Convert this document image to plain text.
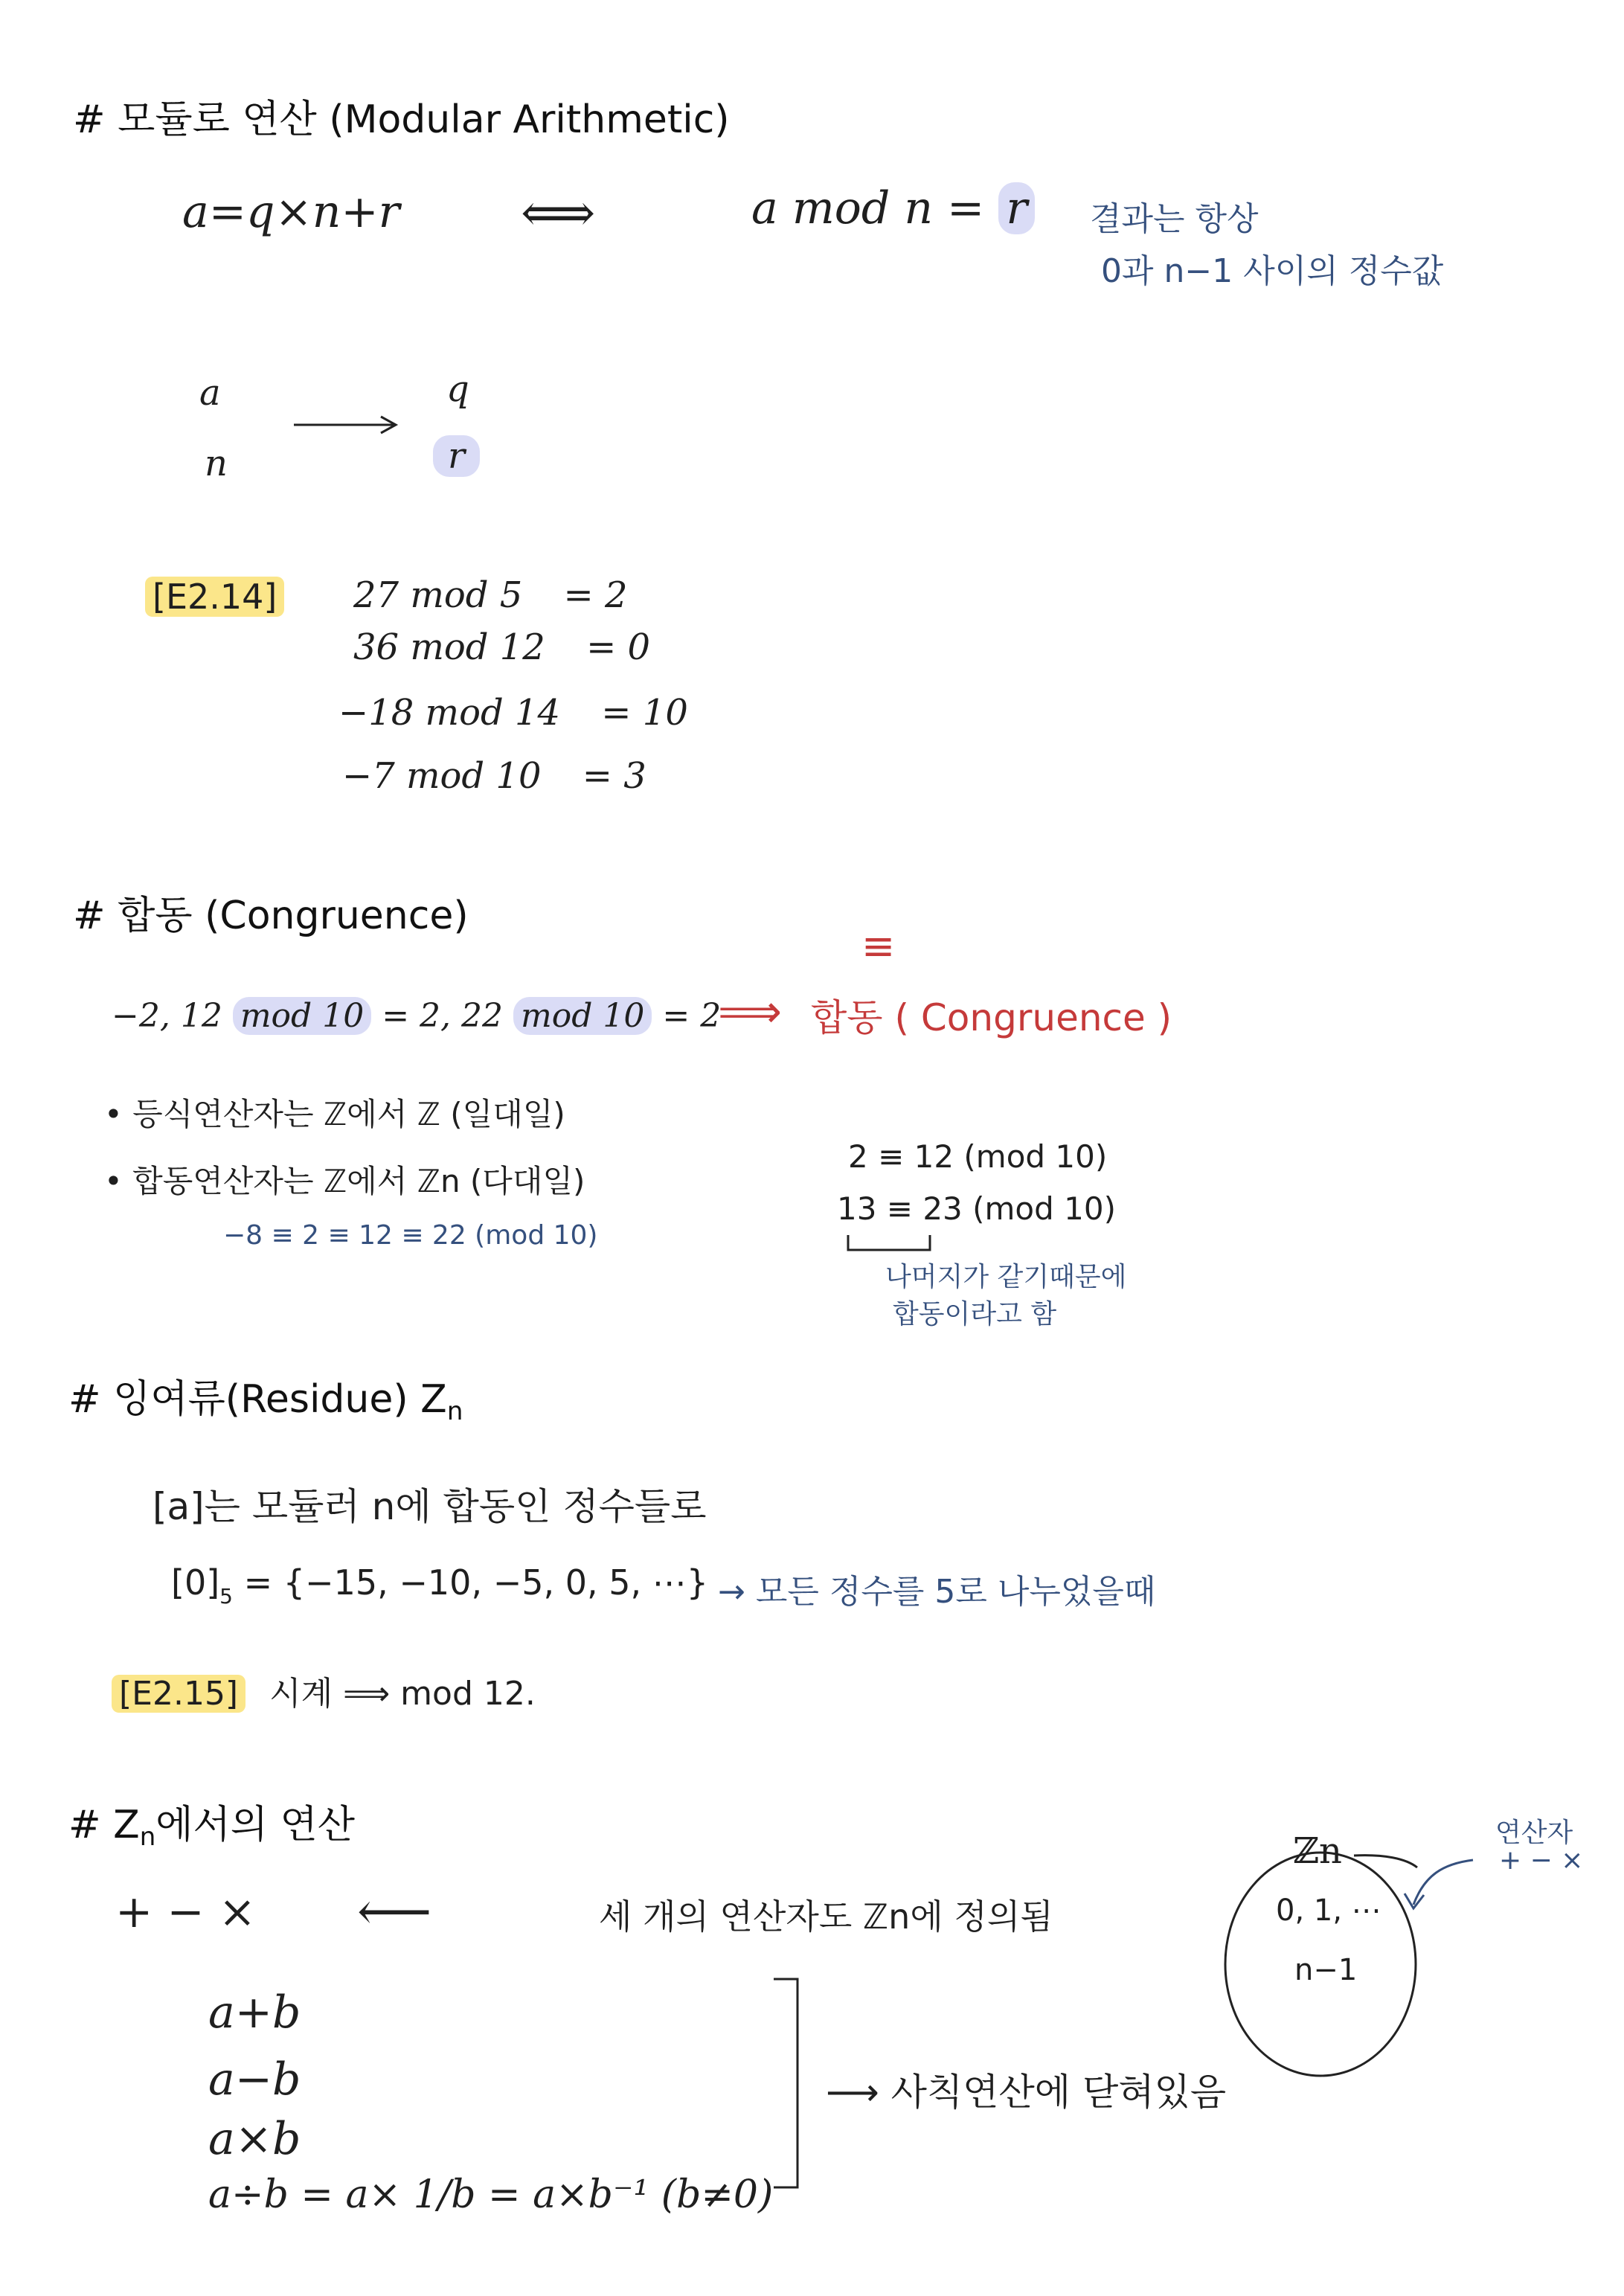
# 모듈로 연산 (Modular Arithmetic)
a=q×n+r ⟺	a mod n = r 결과는 항상
0과 n−1 사이의 정수값
a
n
q
r
[E2.14] 27 mod 5 = 2
36 mod 12 = 0
−18 mod 14 = 10
−7 mod 10 = 3
# 합동 (Congruence)
−2, 12 mod 10 = 2, 22 mod 10 = 2
⟹
≡
합동 ( Congruence )
• 등식연산자는 ℤ에서 ℤ (일대일)
• 합동연산자는 ℤ에서 ℤn (다대일)
−8 ≡ 2 ≡ 12 ≡ 22 (mod 10)
2 ≡ 12 (mod 10)
13 ≡ 23 (mod 10)
나머지가 같기때문에
합동이라고 함
# 잉여류(Residue) Zn
[a]는 모듈러 n에 합동인 정수들로
$[0]_5 = \{-15$, −10, −5, 0, 5, ⋯} → 모든 정수를 5로 나누었을때
[E2.15] 시계 ⟹ mod 12.
# Zn에서의 연산
+ − × ⟵	세 개의 연산자도 ℤn에 정의됨
a+b
a−b
a×b
a÷b = a× 1/b = a×b⁻¹ (b≠0)
⟶ 사칙연산에 닫혀있음
ℤn
0, 1, ⋯
n−1
연산자
+ − ×
